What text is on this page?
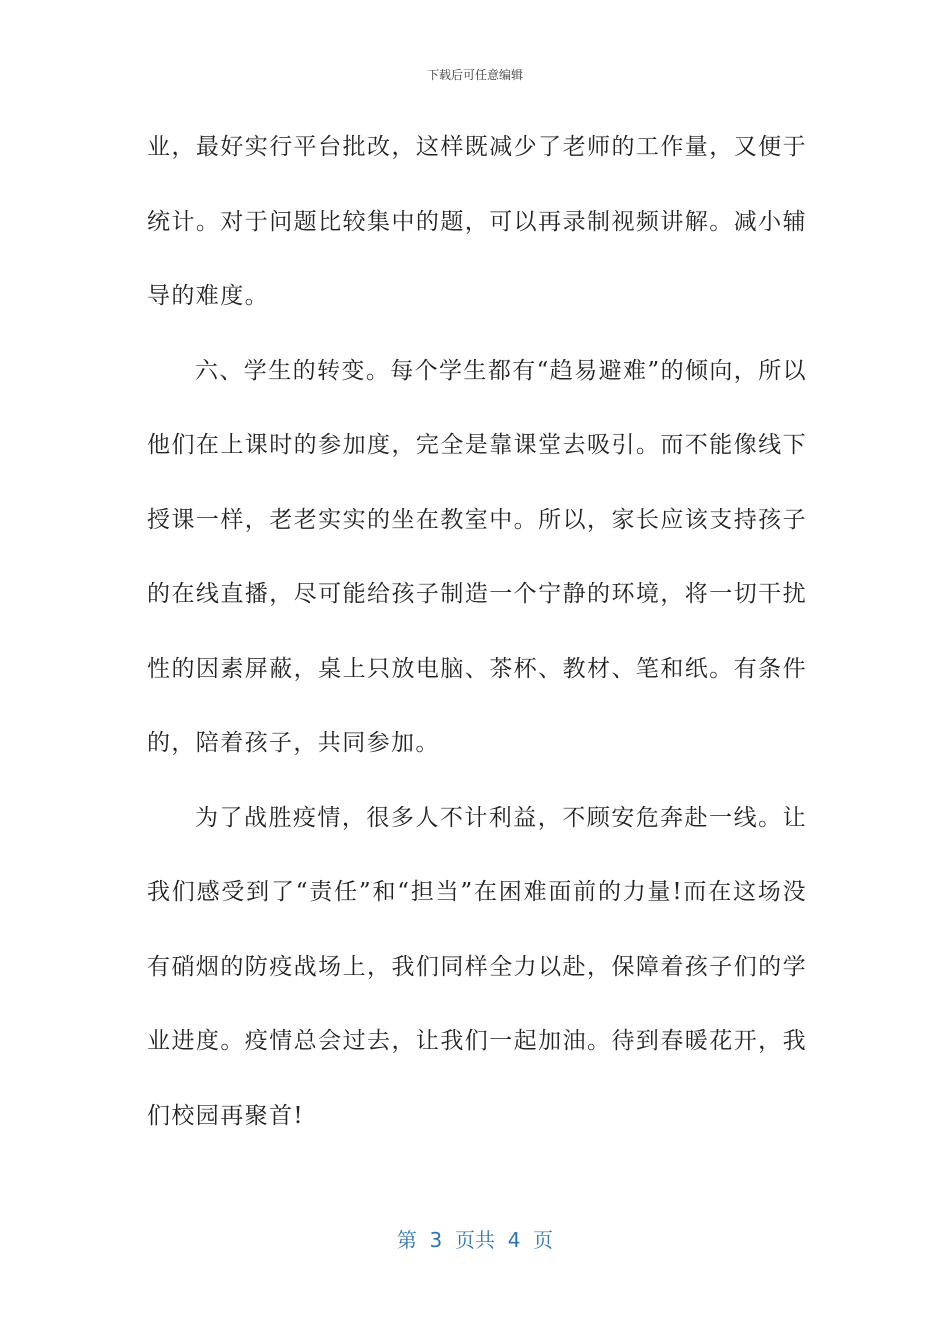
下载后可任意编辑

业，最好实行平台批改，这样既减少了老师的工作量，又便于统计。对于问题比较集中的题，可以再录制视频讲解。减小辅导的难度。

六、学生的转变。每个学生都有“趋易避难”的倾向，所以他们在上课时的参加度，完全是靠课堂去吸引。而不能像线下授课一样，老老实实的坐在教室中。所以，家长应该支持孩子的在线直播，尽可能给孩子制造一个宁静的环境，将一切干扰性的因素屏蔽，桌上只放电脑、茶杯、教材、笔和纸。有条件的，陪着孩子，共同参加。

为了战胜疫情，很多人不计利益，不顾安危奔赴一线。让我们感受到了“责任”和“担当”在困难面前的力量!而在这场没有硝烟的防疫战场上，我们同样全力以赴，保障着孩子们的学业进度。疫情总会过去，让我们一起加油。待到春暖花开，我们校园再聚首!

第  3  页共  4  页
